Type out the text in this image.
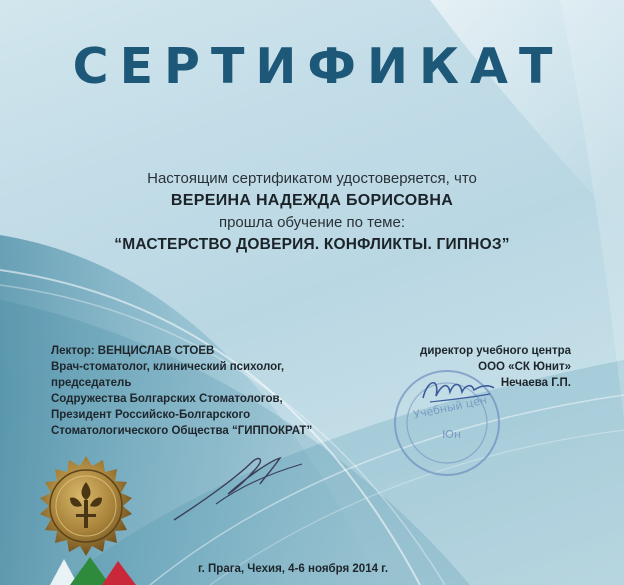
СЕРТИФИКАТ
Настоящим сертификатом удостоверяется, что
ВЕРЕИНА НАДЕЖДА БОРИСОВНА
прошла обучение по теме:
“МАСТЕРСТВО ДОВЕРИЯ. КОНФЛИКТЫ. ГИПНОЗ”
Лектор: ВЕНЦИСЛАВ СТОЕВ
Врач-стоматолог, клинический психолог,
председатель
Содружества Болгарских Стоматологов,
Президент Российско-Болгарского
Стоматологического Общества “ГИППОКРАТ”
директор учебного центра
ООО «СК Юнит»
Нечаева Г.П.
Учебный цен
Юн
г. Прага, Чехия, 4-6 ноября 2014 г.
